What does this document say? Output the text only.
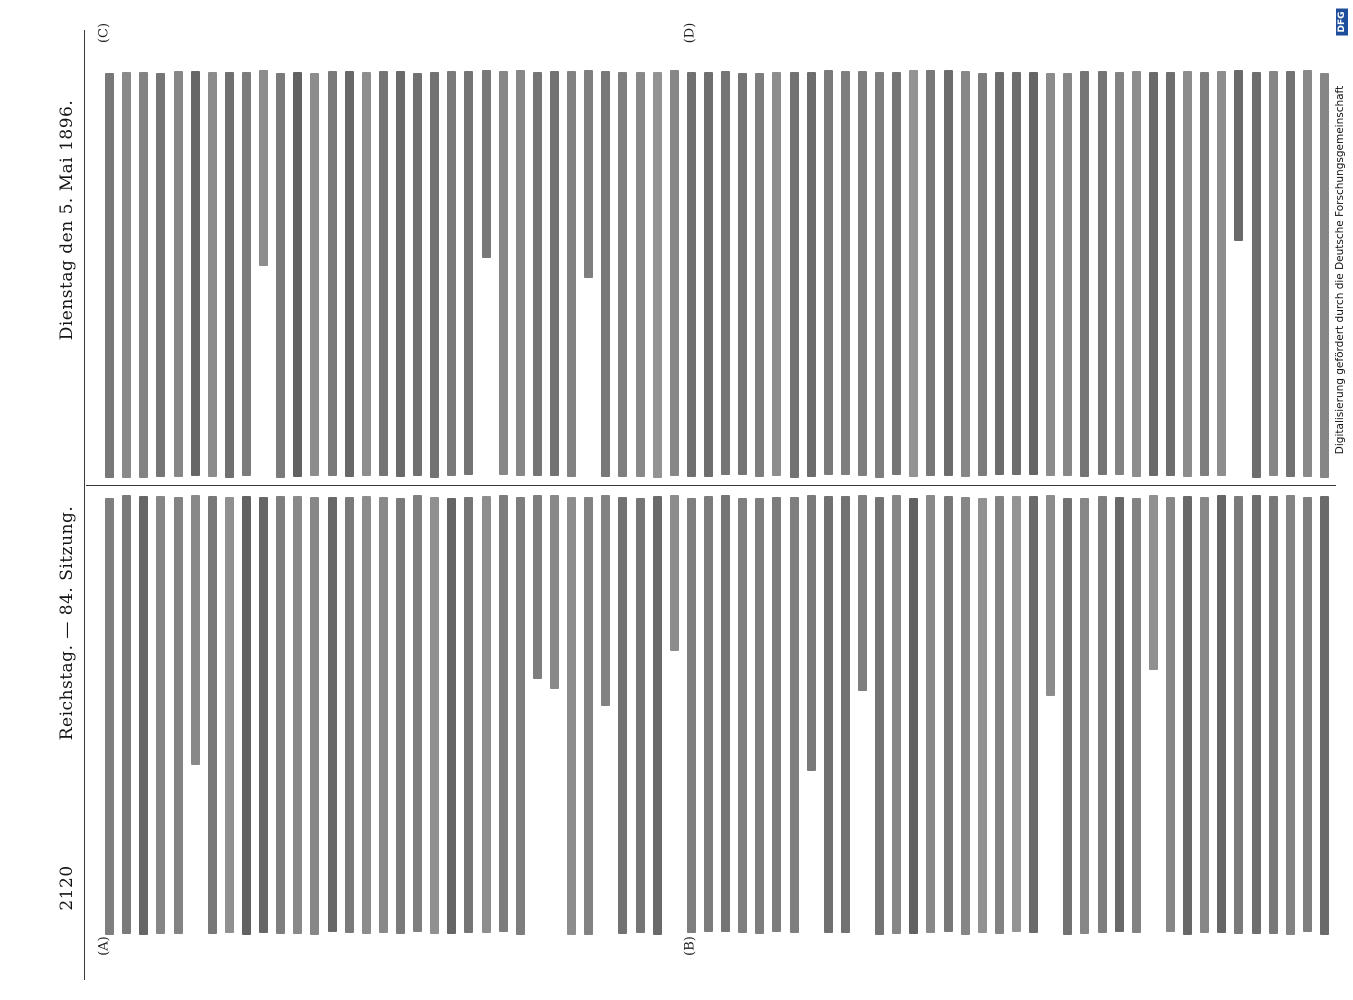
2120
Reichstag. — 84. Sitzung.
Dienstag den 5. Mai 1896.
(A)	(B)
(C)	(D)
Digitalisierung gefördert durch die Deutsche Forschungsgemeinschaft
DFG
